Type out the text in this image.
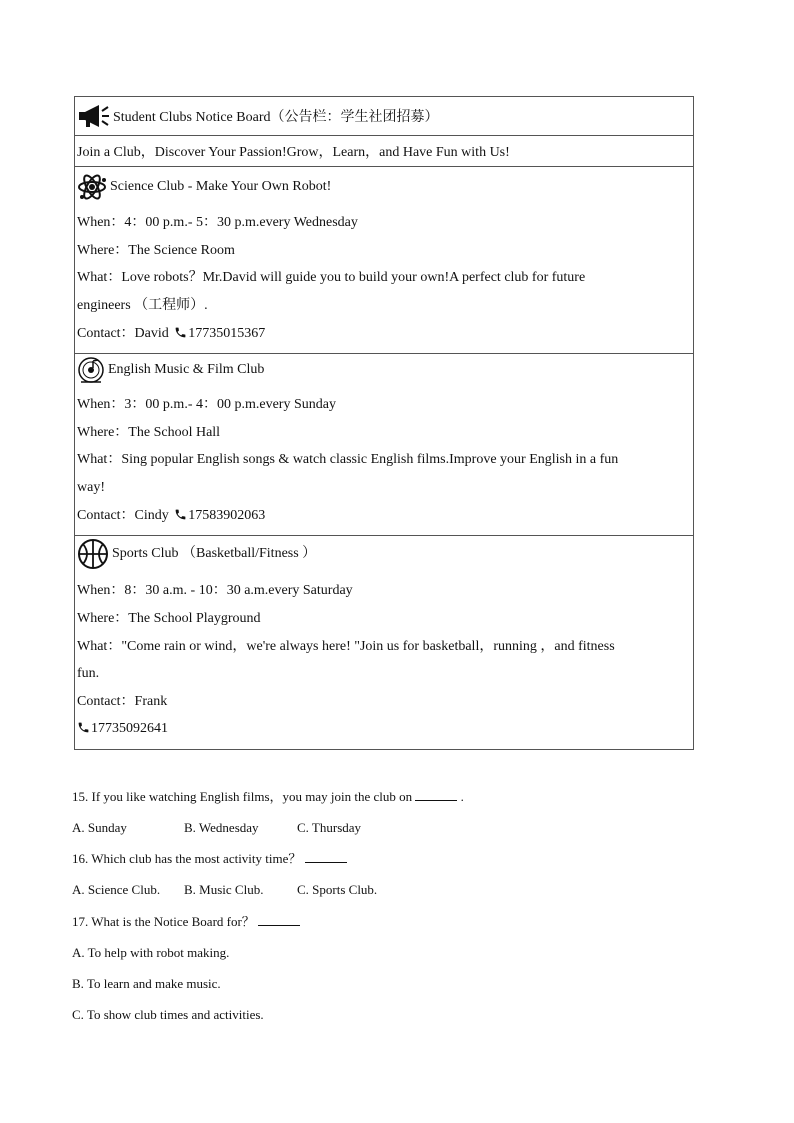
Student Clubs Notice Board（公告栏：学生社团招募）
Join a Club，Discover Your Passion!Grow，Learn，and Have Fun with Us!
Science Club - Make Your Own Robot!
When：4：00 p.m.- 5：30 p.m.every Wednesday
Where：The Science Room
What：Love robots？Mr.David will guide you to build your own!A perfect club for future
engineers （工程师）.
Contact：David 17735015367
English Music & Film Club
When：3：00 p.m.- 4：00 p.m.every Sunday
Where：The School Hall
What：Sing popular English songs & watch classic English films.Improve your English in a fun
way!
Contact：Cindy 17583902063
Sports Club （Basketball/Fitness ）
When：8：30 a.m. - 10：30 a.m.every Saturday
Where：The School Playground
What："Come rain or wind，we're always here! "Join us for basketball，running ，and fitness
fun.
Contact：Frank
17735092641
15. If you like watching English films，you may join the club on	.
A. Sunday	B. Wednesday	C. Thursday
16. Which club has the most activity time？
A. Science Club. B. Music Club.	C. Sports Club.
17. What is the Notice Board for？
A. To help with robot making.
B. To learn and make music.
C. To show club times and activities.
